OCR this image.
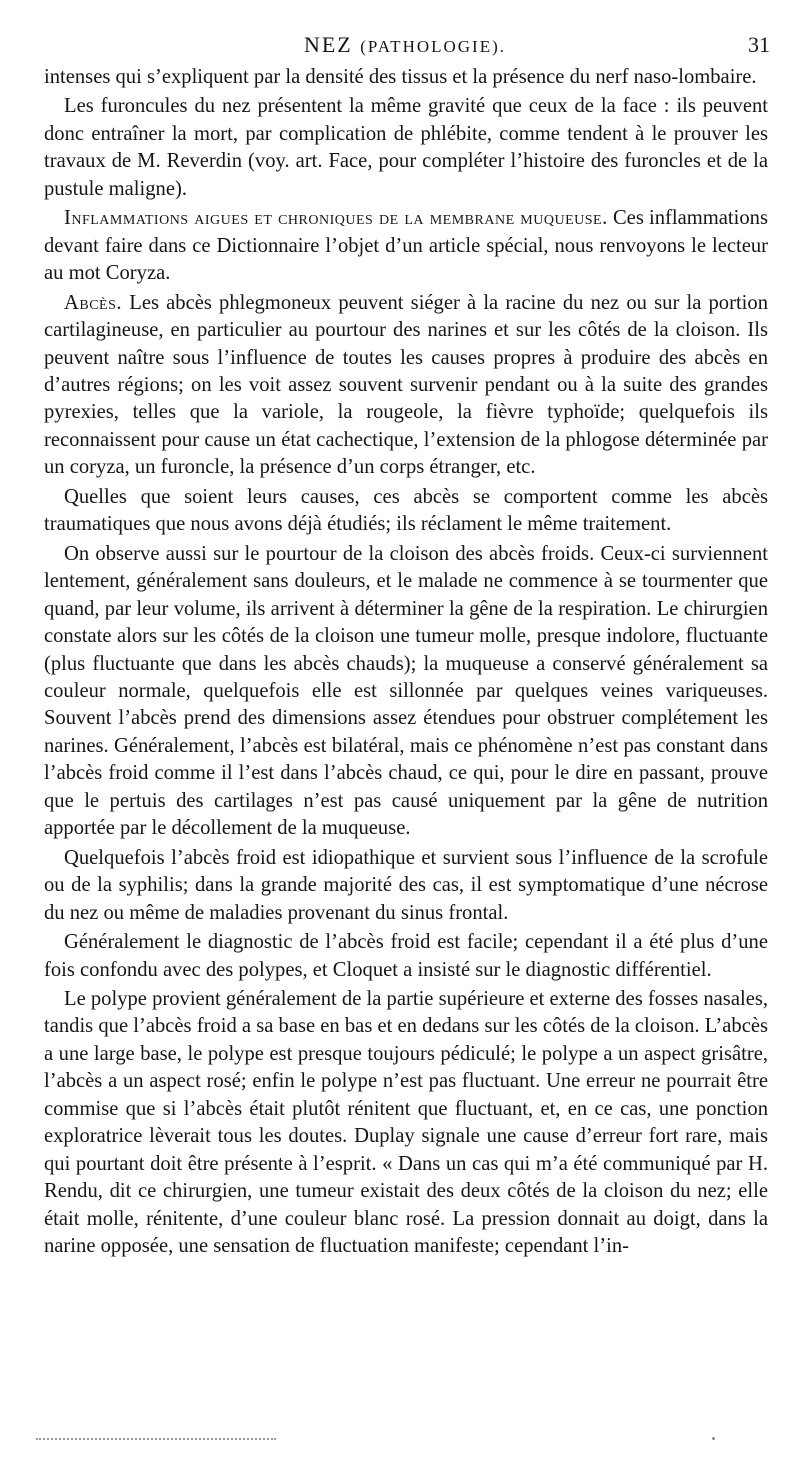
NEZ (PATHOLOGIE).	31

intenses qui s’expliquent par la densité des tissus et la présence du nerf naso-lombaire.

Les furoncules du nez présentent la même gravité que ceux de la face : ils peuvent donc entraîner la mort, par complication de phlébite, comme tendent à le prouver les travaux de M. Reverdin (voy. art. Face, pour compléter l’histoire des furoncles et de la pustule maligne).

Inflammations aigues et chroniques de la membrane muqueuse. Ces inflammations devant faire dans ce Dictionnaire l’objet d’un article spécial, nous renvoyons le lecteur au mot Coryza.

Abcès. Les abcès phlegmoneux peuvent siéger à la racine du nez ou sur la portion cartilagineuse, en particulier au pourtour des narines et sur les côtés de la cloison. Ils peuvent naître sous l’influence de toutes les causes propres à produire des abcès en d’autres régions; on les voit assez souvent survenir pendant ou à la suite des grandes pyrexies, telles que la variole, la rougeole, la fièvre typhoïde; quelquefois ils reconnaissent pour cause un état cachectique, l’extension de la phlogose déterminée par un coryza, un furoncle, la présence d’un corps étranger, etc.

Quelles que soient leurs causes, ces abcès se comportent comme les abcès traumatiques que nous avons déjà étudiés; ils réclament le même traitement.

On observe aussi sur le pourtour de la cloison des abcès froids. Ceux-ci surviennent lentement, généralement sans douleurs, et le malade ne commence à se tourmenter que quand, par leur volume, ils arrivent à déterminer la gêne de la respiration. Le chirurgien constate alors sur les côtés de la cloison une tumeur molle, presque indolore, fluctuante (plus fluctuante que dans les abcès chauds); la muqueuse a conservé généralement sa couleur normale, quelquefois elle est sillonnée par quelques veines variqueuses. Souvent l’abcès prend des dimensions assez étendues pour obstruer complétement les narines. Généralement, l’abcès est bilatéral, mais ce phénomène n’est pas constant dans l’abcès froid comme il l’est dans l’abcès chaud, ce qui, pour le dire en passant, prouve que le pertuis des cartilages n’est pas causé uniquement par la gêne de nutrition apportée par le décollement de la muqueuse.

Quelquefois l’abcès froid est idiopathique et survient sous l’influence de la scrofule ou de la syphilis; dans la grande majorité des cas, il est symptomatique d’une nécrose du nez ou même de maladies provenant du sinus frontal.

Généralement le diagnostic de l’abcès froid est facile; cependant il a été plus d’une fois confondu avec des polypes, et Cloquet a insisté sur le diagnostic différentiel.

Le polype provient généralement de la partie supérieure et externe des fosses nasales, tandis que l’abcès froid a sa base en bas et en dedans sur les côtés de la cloison. L’abcès a une large base, le polype est presque toujours pédiculé; le polype a un aspect grisâtre, l’abcès a un aspect rosé; enfin le polype n’est pas fluctuant. Une erreur ne pourrait être commise que si l’abcès était plutôt rénitent que fluctuant, et, en ce cas, une ponction exploratrice lèverait tous les doutes. Duplay signale une cause d’erreur fort rare, mais qui pourtant doit être présente à l’esprit. « Dans un cas qui m’a été communiqué par H. Rendu, dit ce chirurgien, une tumeur existait des deux côtés de la cloison du nez; elle était molle, rénitente, d’une couleur blanc rosé. La pression donnait au doigt, dans la narine opposée, une sensation de fluctuation manifeste; cependant l’in-
